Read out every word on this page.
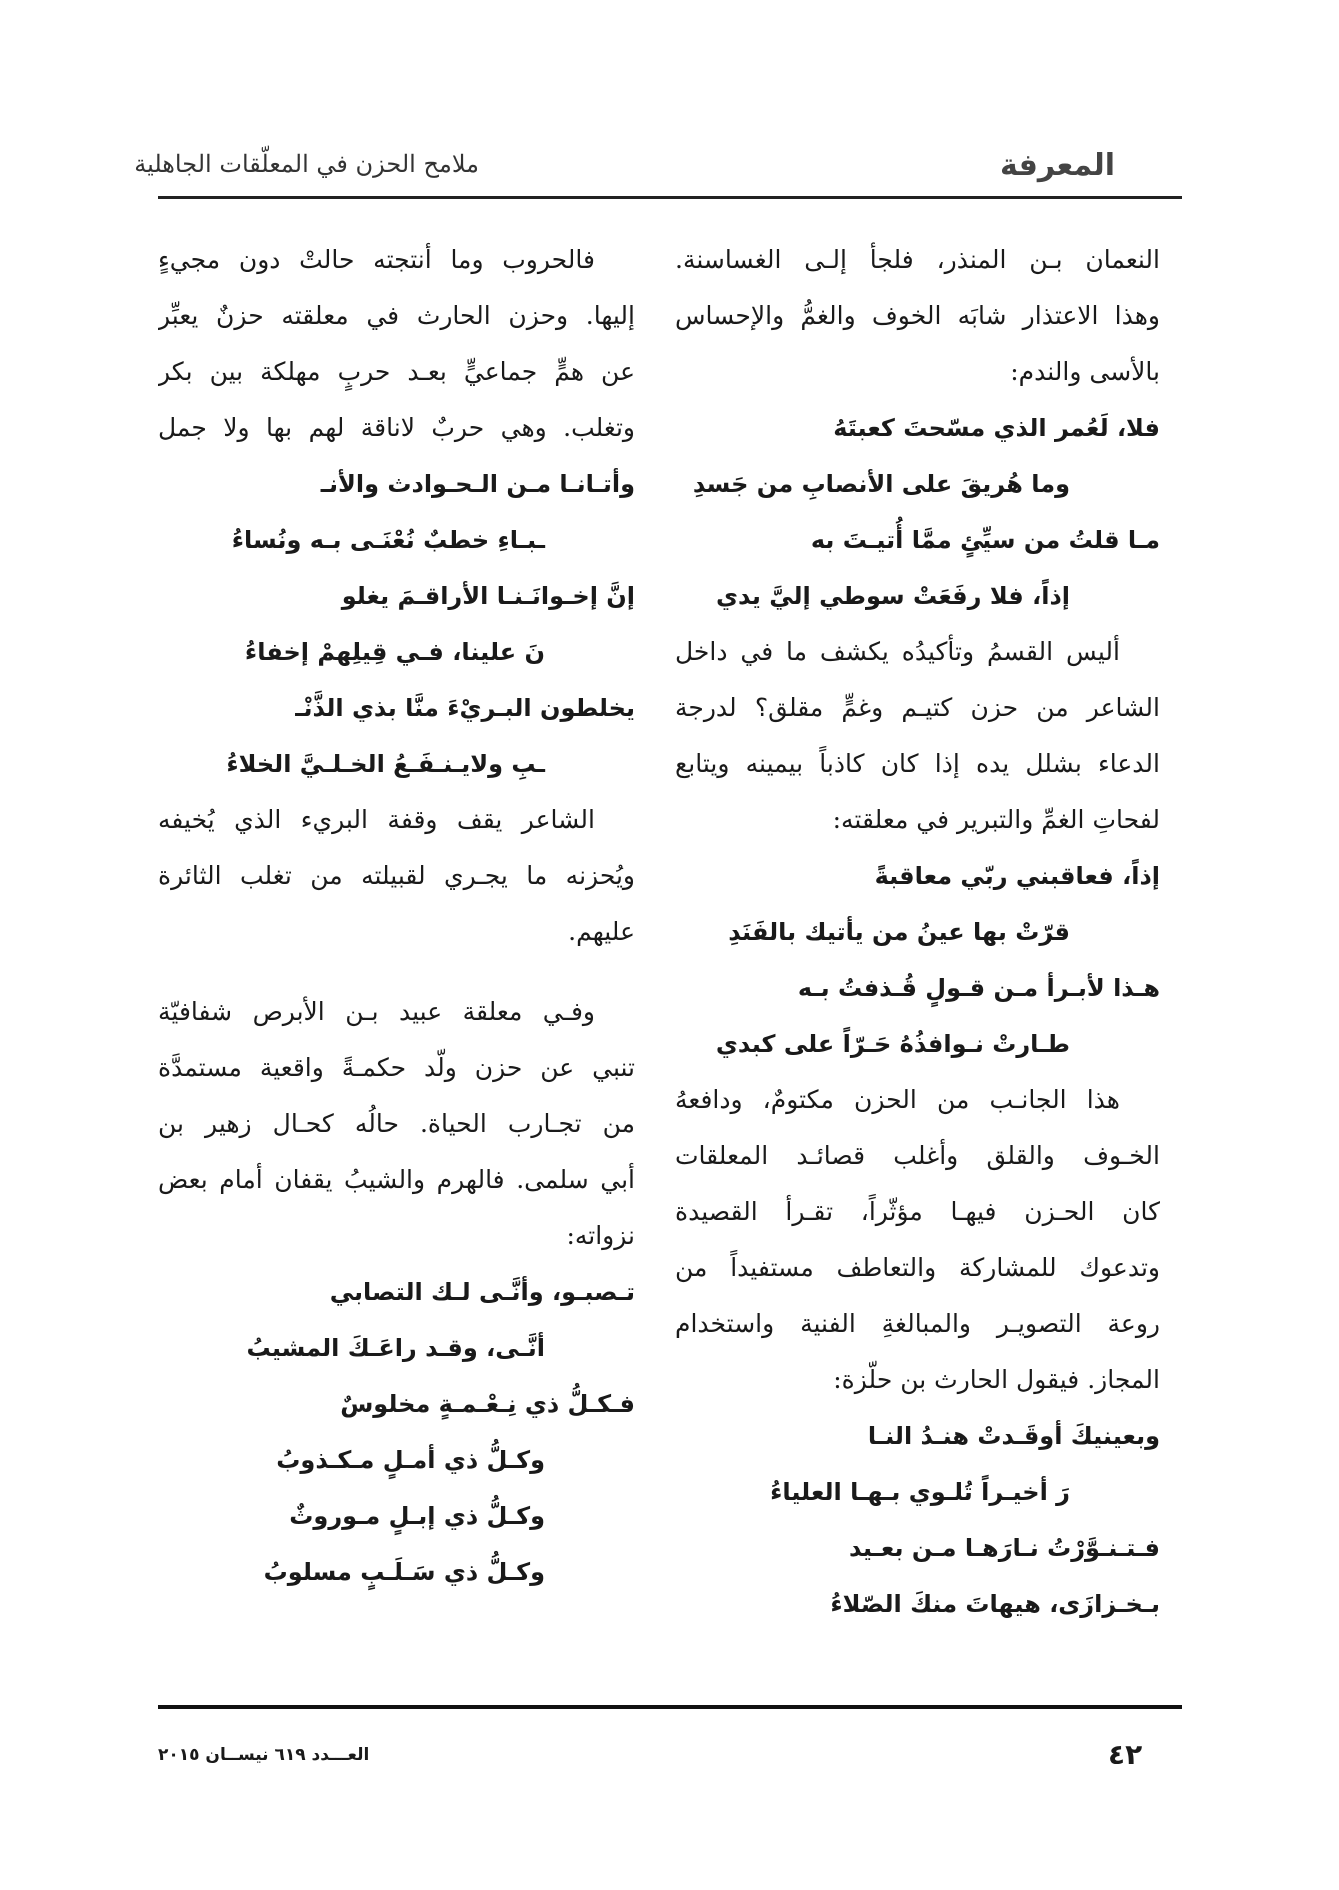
المعرفة
ملامح الحزن في المعلّقات الجاهلية
النعمان بـن المنذر، فلجأ إلـى الغساسنة.
وهذا الاعتذار شابَه الخوف والغمُّ والإحساس
بالأسى والندم:
فلا، لَعُمر الذي مسّحتَ كعبتَهُ
وما هُريقَ على الأنصابِ من جَسدِ
مـا قلتُ من سيِّئٍ ممَّا أُتيـتَ به
إذاً، فلا رفَعَتْ سوطي إليَّ يدي
أليس القسمُ وتأكيدُه يكشف ما في داخل
الشاعر من حزن كتيـم وغمٍّ مقلق؟ لدرجة
الدعاء بشلل يده إذا كان كاذباً بيمينه ويتابع
لفحاتِ الغمِّ والتبرير في معلقته:
إذاً، فعاقبني ربّي معاقبةً
قرّتْ بها عينُ من يأتيك بالفَنَدِ
هـذا لأبـرأ مـن قـولٍ قُـذفتُ بـه
طـارتْ نـوافذُهُ حَـرّاً على كبدي
هذا الجانـب من الحزن مكتومٌ، ودافعهُ
الخـوف والقلق وأغلب قصائـد المعلقات
كان الحـزن فيهـا مؤثّراً، تقـرأ القصيدة
وتدعوك للمشاركة والتعاطف مستفيداً من
روعة التصويـر والمبالغةِ الفنية واستخدام
المجاز. فيقول الحارث بن حلّزة:
وبعينيكَ أوقَـدتْ هنـدُ النـا
رَ أخيـراً تُلـوي بـهـا العلياءُ
فـتـنـوَّرْتُ نـارَهـا مـن بعـيد
بـخـزازَى، هيهاتَ منكَ الصّلاءُ
فالحروب وما أنتجته حالتْ دون مجيءٍ
إليها. وحزن الحارث في معلقته حزنٌ يعبِّر
عن همٍّ جماعيٍّ بعـد حربٍ مهلكة بين بكر
وتغلب. وهي حربٌ لاناقة لهم بها ولا جمل
وأتـانـا مـن الـحـوادث والأنـ
ـبـاءِ خطبٌ نُعْنَـى بـه ونُساءُ
إنَّ إخـوانَـنـا الأراقـمَ يغلو
نَ علينا، فـي قِيلِهمْ إخفاءُ
يخلطون البـريْءَ منَّا بذي الذَّنْـ
ـبِ ولايـنـفَـعُ الخـلـيَّ الخلاءُ
الشاعر يقف وقفة البريء الذي يُخيفه
ويُحزنه ما يجـري لقبيلته من تغلب الثائرة
عليهم.
وفـي معلقة عبيد بـن الأبرص شفافيّة
تنبي عن حزن ولّد حكمـةً واقعية مستمدَّة
من تجـارب الحياة. حالُه كحـال زهير بن
أبي سلمى. فالهرم والشيبُ يقفان أمام بعض
نزواته:
تـصبـو، وأنَّـى لـك التصابي
أنَّـى، وقـد راعَـكَ المشيبُ
فـكـلُّ ذي نِـعْـمـةٍ مخلوسٌ
وكـلُّ ذي أمـلٍ مـكـذوبُ
وكـلُّ ذي إبـلٍ مـوروثٌ
وكـلُّ ذي سَـلَـبٍ مسلوبُ
٤٢
العـــدد ٦١٩ نيســان ٢٠١٥
